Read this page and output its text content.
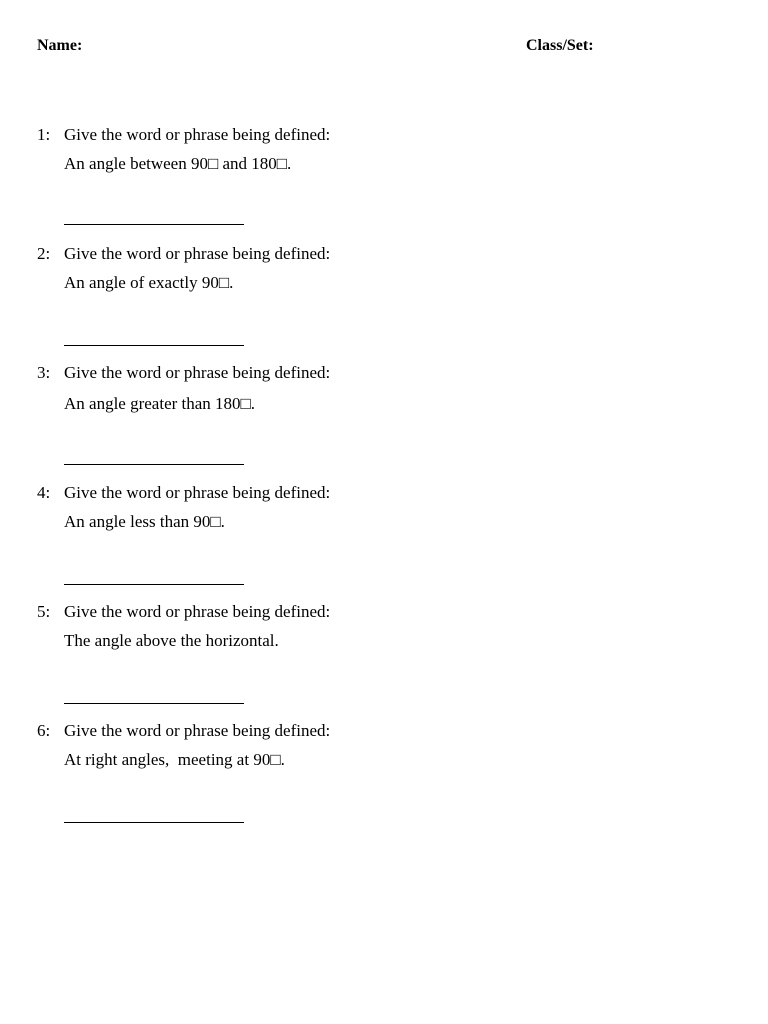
Name:	Class/Set:
1: Give the word or phrase being defined:
An angle between 90□ and 180□.
2: Give the word or phrase being defined:
An angle of exactly 90□.
3: Give the word or phrase being defined:
An angle greater than 180□.
4: Give the word or phrase being defined:
An angle less than 90□.
5: Give the word or phrase being defined:
The angle above the horizontal.
6: Give the word or phrase being defined:
At right angles,  meeting at 90□.
